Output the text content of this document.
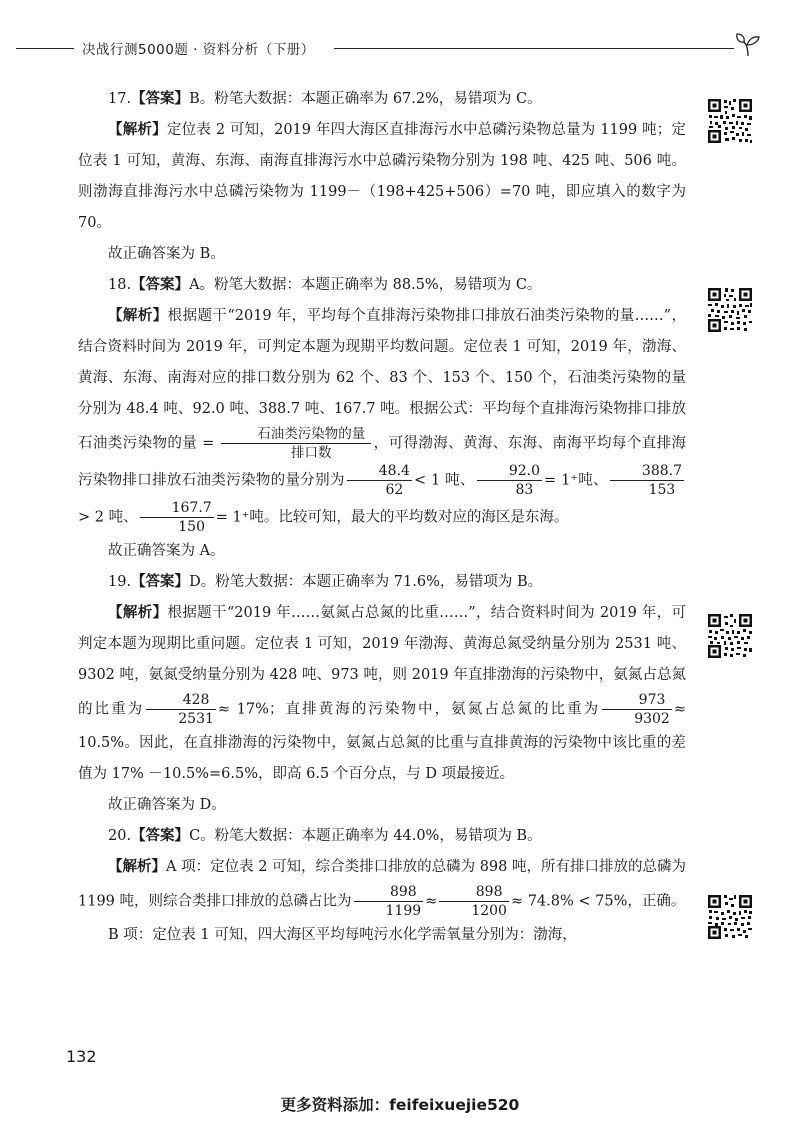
决战行测5000题 · 资料分析（下册）

17.【答案】B。粉笔大数据：本题正确率为 67.2%，易错项为 C。

【解析】定位表 2 可知，2019 年四大海区直排海污水中总磷污染物总量为 1199 吨；定位表 1 可知，黄海、东海、南海直排海污水中总磷污染物分别为 198 吨、425 吨、506 吨。则渤海直排海污水中总磷污染物为 1199－（198+425+506）=70 吨，即应填入的数字为 70。

故正确答案为 B。

18.【答案】A。粉笔大数据：本题正确率为 88.5%，易错项为 C。

【解析】根据题干“2019 年，平均每个直排海污染物排口排放石油类污染物的量……”，结合资料时间为 2019 年，可判定本题为现期平均数问题。定位表 1 可知，2019 年，渤海、黄海、东海、南海对应的排口数分别为 62 个、83 个、153 个、150 个，石油类污染物的量分别为 48.4 吨、92.0 吨、388.7 吨、167.7 吨。根据公式：平均每个直排海污染物排口排放石油类污染物的量 = $\frac{\text{石油类污染物的量}}{\text{排口数}}$ ，可得渤海、黄海、东海、南海平均每个直排海污染物排口排放石油类污染物的量分别为 $\frac{48.4}{62} < 1$ 吨、 $\frac{92.0}{83} = 1^+$吨、 $\frac{388.7}{153}$
> 2 吨、 $\frac{167.7}{150} = 1^+$吨。比较可知，最大的平均数对应的海区是东海。

故正确答案为 A。

19.【答案】D。粉笔大数据：本题正确率为 71.6%，易错项为 B。

【解析】根据题干“2019 年……氨氮占总氮的比重……”，结合资料时间为 2019 年，可判定本题为现期比重问题。定位表 1 可知，2019 年渤海、黄海总氮受纳量分别为 2531 吨、9302 吨，氨氮受纳量分别为 428 吨、973 吨，则 2019 年直排渤海的污染物中，氨氮占总氮的比重为 $\frac{428}{2531} \approx 17\%$；直排黄海的污染物中，氨氮占总氮的比重为 $\frac{973}{9302} \approx 10.5\%$。因此，在直排渤海的污染物中，氨氮占总氮的比重与直排黄海的污染物中该比重的差值为 17% －10.5%=6.5%，即高 6.5 个百分点，与 D 项最接近。

故正确答案为 D。

20.【答案】C。粉笔大数据：本题正确率为 44.0%，易错项为 B。

【解析】A 项：定位表 2 可知，综合类排口排放的总磷为 898 吨，所有排口排放的总磷为 1199 吨，则综合类排口排放的总磷占比为 $\frac{898}{1199} \approx \frac{898}{1200} \approx 74.8\% < 75\%$，正确。

B 项：定位表 1 可知，四大海区平均每吨污水化学需氧量分别为：渤海，

132
更多资料添加：feifeixuejie520
